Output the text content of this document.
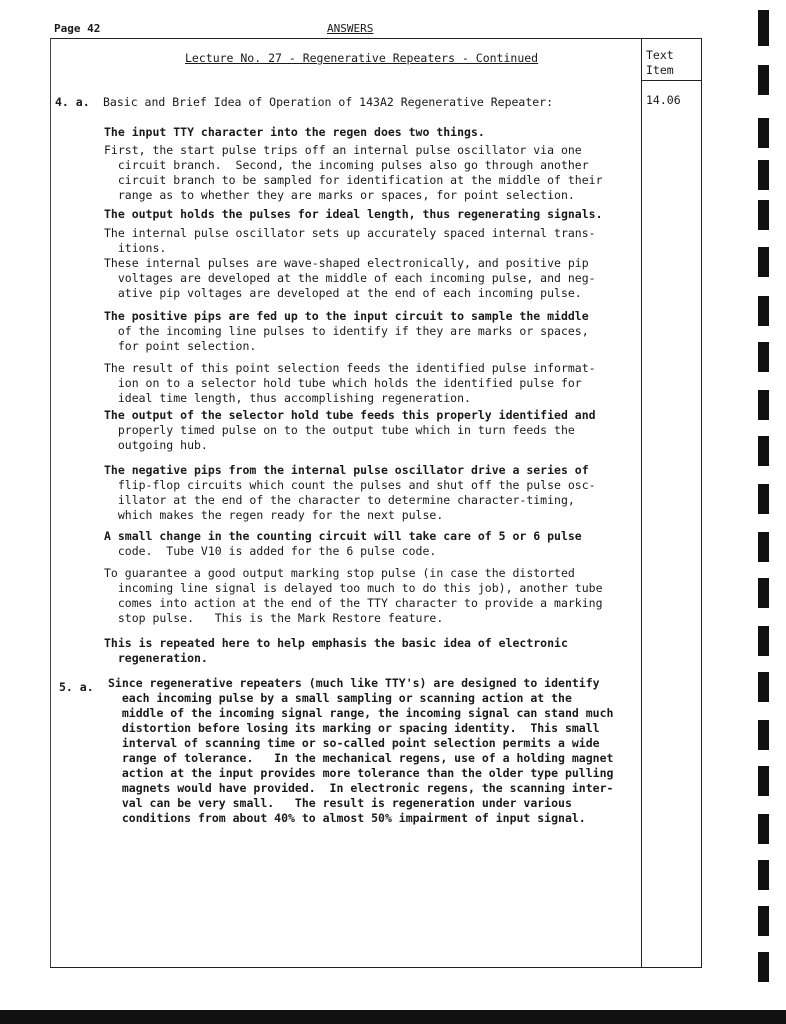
Page 42	ANSWERS
Text Item
14.06
Lecture No. 27 - Regenerative Repeaters - Continued
4. a. Basic and Brief Idea of Operation of 143A2 Regenerative Repeater:
The input TTY character into the regen does two things.
First, the start pulse trips off an internal pulse oscillator via one
circuit branch.  Second, the incoming pulses also go through another
circuit branch to be sampled for identification at the middle of their
range as to whether they are marks or spaces, for point selection.
The output holds the pulses for ideal length, thus regenerating signals.
The internal pulse oscillator sets up accurately spaced internal trans-
itions.
These internal pulses are wave-shaped electronically, and positive pip
voltages are developed at the middle of each incoming pulse, and neg-
ative pip voltages are developed at the end of each incoming pulse.
The positive pips are fed up to the input circuit to sample the middle
of the incoming line pulses to identify if they are marks or spaces,
for point selection.
The result of this point selection feeds the identified pulse informat-
ion on to a selector hold tube which holds the identified pulse for
ideal time length, thus accomplishing regeneration.
The output of the selector hold tube feeds this properly identified and
properly timed pulse on to the output tube which in turn feeds the
outgoing hub.
The negative pips from the internal pulse oscillator drive a series of
flip-flop circuits which count the pulses and shut off the pulse osc-
illator at the end of the character to determine character-timing,
which makes the regen ready for the next pulse.
A small change in the counting circuit will take care of 5 or 6 pulse
code.  Tube V10 is added for the 6 pulse code.
To guarantee a good output marking stop pulse (in case the distorted
incoming line signal is delayed too much to do this job), another tube
comes into action at the end of the TTY character to provide a marking
stop pulse.   This is the Mark Restore feature.
This is repeated here to help emphasis the basic idea of electronic
regeneration.
5. a. Since regenerative repeaters (much like TTY's) are designed to identify
each incoming pulse by a small sampling or scanning action at the
middle of the incoming signal range, the incoming signal can stand much
distortion before losing its marking or spacing identity.  This small
interval of scanning time or so-called point selection permits a wide
range of tolerance.   In the mechanical regens, use of a holding magnet
action at the input provides more tolerance than the older type pulling
magnets would have provided.  In electronic regens, the scanning inter-
val can be very small.   The result is regeneration under various
conditions from about 40% to almost 50% impairment of input signal.
